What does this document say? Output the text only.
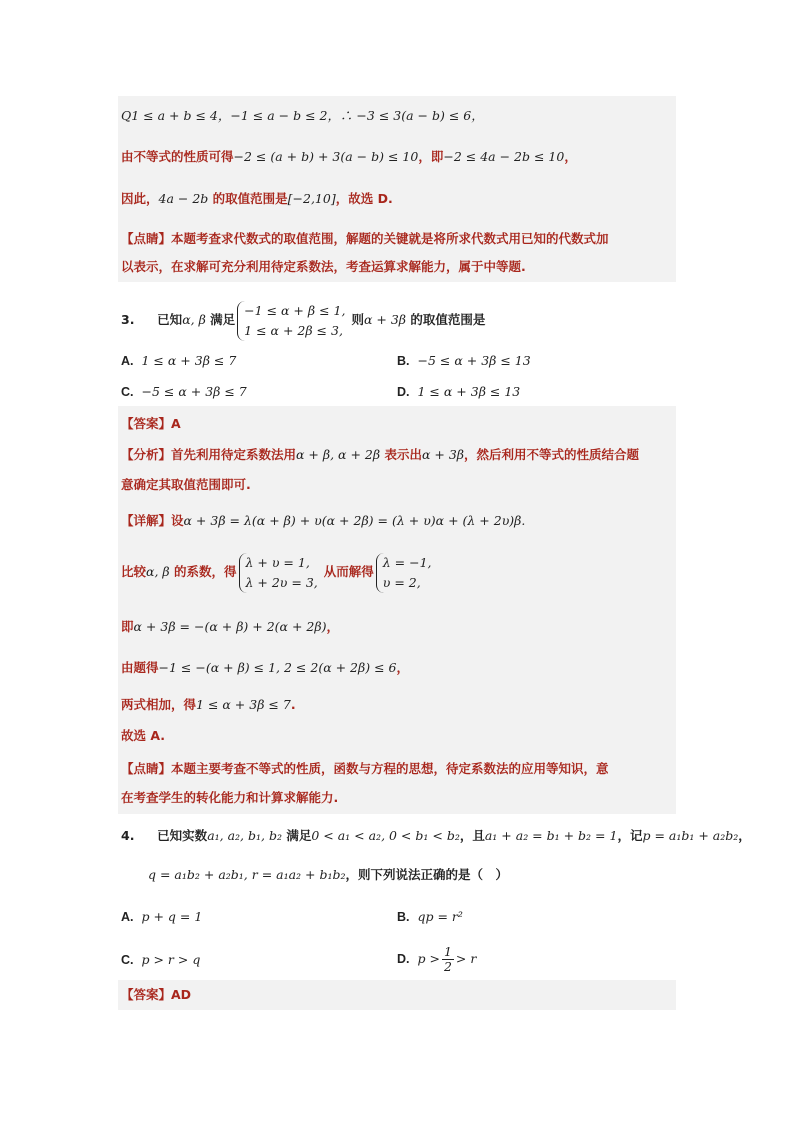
Q1 ≤ a + b ≤ 4，−1 ≤ a − b ≤ 2，∴ −3 ≤ 3(a − b) ≤ 6，
由不等式的性质可得−2 ≤ (a + b) + 3(a − b) ≤ 10，即−2 ≤ 4a − 2b ≤ 10，
因此，4a − 2b 的取值范围是[−2,10]，故选 D.
【点睛】本题考查求代数式的取值范围，解题的关键就是将所求代数式用已知的代数式加
以表示，在求解可充分利用待定系数法，考查运算求解能力，属于中等题.
3. 已知α, β 满足
−1 ≤ α + β ≤ 1,
1 ≤ α + 2β ≤ 3,
则α + 3β 的取值范围是
A. 1 ≤ α + 3β ≤ 7	B. −5 ≤ α + 3β ≤ 13
C. −5 ≤ α + 3β ≤ 7	D. 1 ≤ α + 3β ≤ 13
【答案】A
【分析】首先利用待定系数法用α + β, α + 2β 表示出α + 3β，然后利用不等式的性质结合题
意确定其取值范围即可.
【详解】设α + 3β = λ(α + β) + υ(α + 2β) = (λ + υ)α + (λ + 2υ)β.
比较α, β 的系数，得
λ + υ = 1,
λ + 2υ = 3,
从而解得
λ = −1,
υ = 2,
即α + 3β = −(α + β) + 2(α + 2β)，
由题得−1 ≤ −(α + β) ≤ 1, 2 ≤ 2(α + 2β) ≤ 6，
两式相加，得1 ≤ α + 3β ≤ 7.
故选 A.
【点睛】本题主要考查不等式的性质，函数与方程的思想，待定系数法的应用等知识，意
在考查学生的转化能力和计算求解能力.
4. 已知实数a₁, a₂, b₁, b₂ 满足0 < a₁ < a₂, 0 < b₁ < b₂，且a₁ + a₂ = b₁ + b₂ = 1，记p = a₁b₁ + a₂b₂，
q = a₁b₂ + a₂b₁, r = a₁a₂ + b₁b₂，则下列说法正确的是（　）
A. p + q = 1	B. qp = r²
C. p > r > q	D. $p > \frac{1}{2} > r$
【答案】AD
